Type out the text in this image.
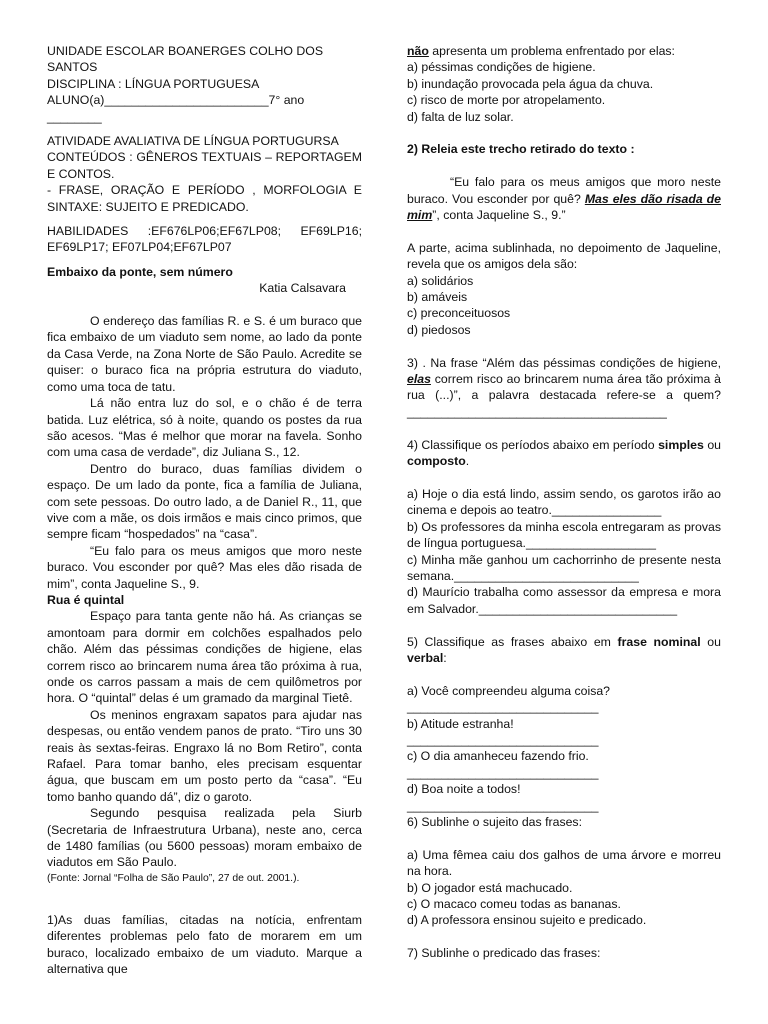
UNIDADE ESCOLAR BOANERGES COLHO DOS SANTOS

DISCIPLINA : LÍNGUA PORTUGUESA

ALUNO(a)________________________7° ano ________

ATIVIDADE AVALIATIVA DE LÍNGUA PORTUGURSA

CONTEÚDOS : GÊNEROS TEXTUAIS – REPORTAGEM E CONTOS.

- FRASE, ORAÇÃO E PERÍODO , MORFOLOGIA E SINTAXE: SUJEITO E PREDICADO.

HABILIDADES :EF676LP06;EF67LP08; EF69LP16;

EF69LP17; EF07LP04;EF67LP07

Embaixo da ponte, sem número

Katia Calsavara

O endereço das famílias R. e S. é um buraco que fica embaixo de um viaduto sem nome, ao lado da ponte da Casa Verde, na Zona Norte de São Paulo. Acredite se quiser: o buraco fica na própria estrutura do viaduto, como uma toca de tatu.

Lá não entra luz do sol, e o chão é de terra batida. Luz elétrica, só à noite, quando os postes da rua são acesos. “Mas é melhor que morar na favela. Sonho com uma casa de verdade”, diz Juliana S., 12.

Dentro do buraco, duas famílias dividem o espaço. De um lado da ponte, fica a família de Juliana, com sete pessoas. Do outro lado, a de Daniel R., 11, que vive com a mãe, os dois irmãos e mais cinco primos, que sempre ficam “hospedados” na “casa”.

“Eu falo para os meus amigos que moro neste buraco. Vou esconder por quê? Mas eles dão risada de mim”, conta Jaqueline S., 9.

Rua é quintal

Espaço para tanta gente não há. As crianças se amontoam para dormir em colchões espalhados pelo chão. Além das péssimas condições de higiene, elas correm risco ao brincarem numa área tão próxima à rua, onde os carros passam a mais de cem quilômetros por hora. O “quintal” delas é um gramado da marginal Tietê.

Os meninos engraxam sapatos para ajudar nas despesas, ou então vendem panos de prato. “Tiro uns 30 reais às sextas-feiras. Engraxo lá no Bom Retiro”, conta Rafael. Para tomar banho, eles precisam esquentar água, que buscam em um posto perto da “casa”. “Eu tomo banho quando dá”, diz o garoto.

Segundo pesquisa realizada pela Siurb (Secretaria de Infraestrutura Urbana), neste ano, cerca de 1480 famílias (ou 5600 pessoas) moram embaixo de viadutos em São Paulo.

(Fonte: Jornal “Folha de São Paulo”, 27 de out. 2001.).

1)As duas famílias, citadas na notícia, enfrentam diferentes problemas pelo fato de morarem em um buraco, localizado embaixo de um viaduto. Marque a alternativa que

não apresenta um problema enfrentado por elas:

a) péssimas condições de higiene.

b) inundação provocada pela água da chuva.

c) risco de morte por atropelamento.

d) falta de luz solar.

2) Releia este trecho retirado do texto :

“Eu falo para os meus amigos que moro neste buraco. Vou esconder por quê? Mas eles dão risada de mim”, conta Jaqueline S., 9.”

A parte, acima sublinhada, no depoimento de Jaqueline, revela que os amigos dela são:

a) solidários

b) amáveis

c) preconceituosos

d) piedosos

3) . Na frase “Além das péssimas condições de higiene, elas correm risco ao brincarem numa área tão próxima à rua (...)”, a palavra destacada refere-se a quem?______________________________________

4) Classifique os períodos abaixo em período simples ou composto.

a) Hoje o dia está lindo, assim sendo, os garotos irão ao cinema e depois ao teatro.________________

b) Os professores da minha escola entregaram as provas de língua portuguesa.___________________

c) Minha mãe ganhou um cachorrinho de presente nesta semana.___________________________

d) Maurício trabalha como assessor da empresa e mora em Salvador._____________________________

5) Classifique as frases abaixo em frase nominal ou verbal:

a) Você compreendeu alguma coisa?

____________________________

b) Atitude estranha!

____________________________

c) O dia amanheceu fazendo frio.

____________________________

d) Boa noite a todos!

____________________________

6) Sublinhe o sujeito das frases:

a) Uma fêmea caiu dos galhos de uma árvore e morreu na hora.

b) O jogador está machucado.

c) O macaco comeu todas as bananas.

d) A professora ensinou sujeito e predicado.

7) Sublinhe o predicado das frases:
